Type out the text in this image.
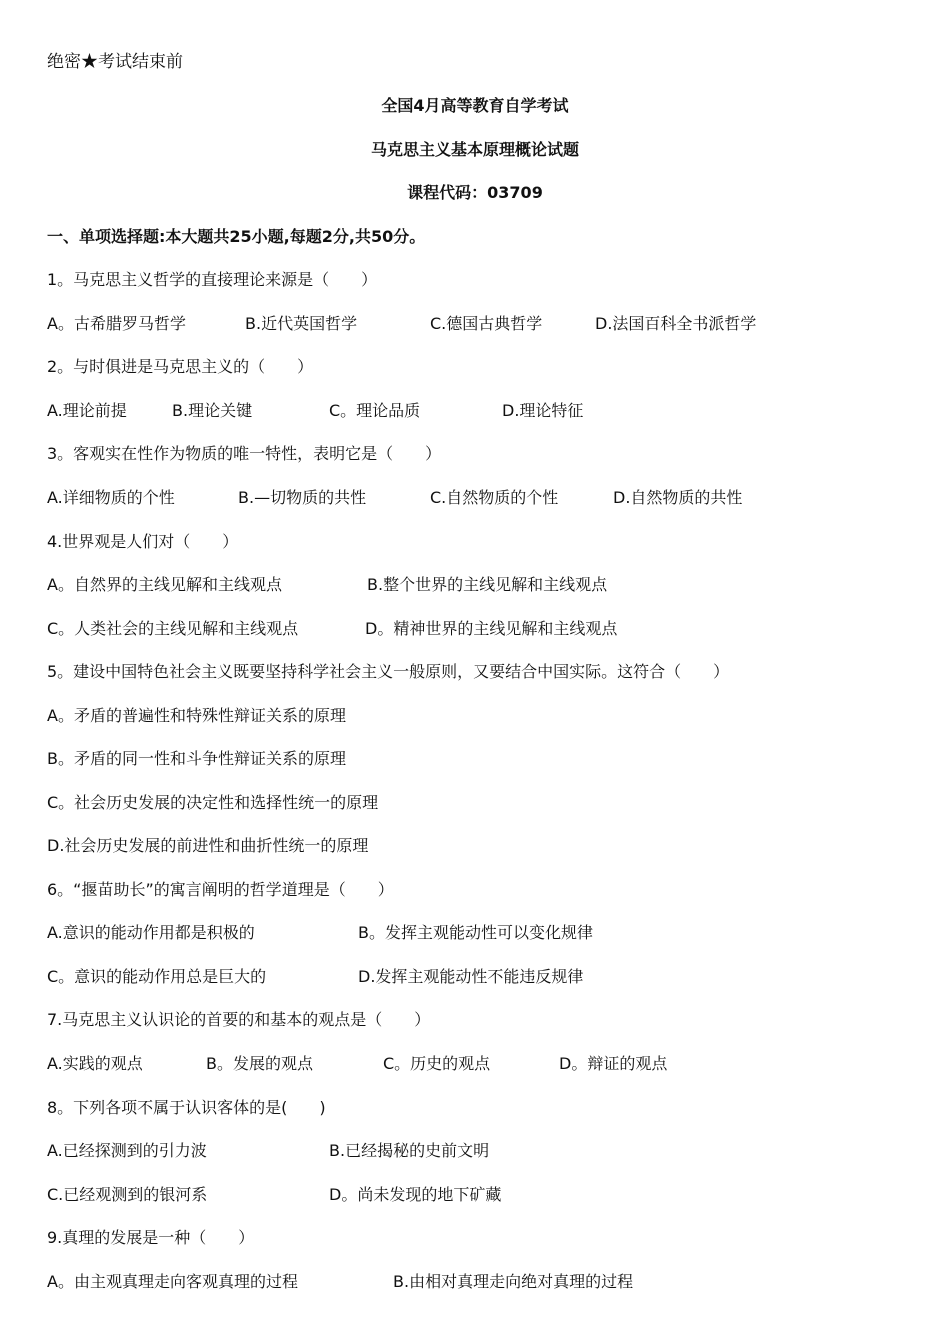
绝密★考试结束前
全国4月高等教育自学考试
马克思主义基本原理概论试题
课程代码：03709
一、单项选择题:本大题共25小题,每题2分,共50分。
1。马克思主义哲学的直接理论来源是（　　）
A。古希腊罗马哲学	B.近代英国哲学	C.德国古典哲学	D.法国百科全书派哲学
2。与时俱进是马克思主义的（　　）
A.理论前提	B.理论关键	C。理论品质	D.理论特征
3。客观实在性作为物质的唯一特性，表明它是（　　）
A.详细物质的个性	B.—切物质的共性	C.自然物质的个性	D.自然物质的共性
4.世界观是人们对（　　）
A。自然界的主线见解和主线观点	B.整个世界的主线见解和主线观点
C。人类社会的主线见解和主线观点	D。精神世界的主线见解和主线观点
5。建设中国特色社会主义既要坚持科学社会主义一般原则，又要结合中国实际。这符合（　　）
A。矛盾的普遍性和特殊性辩证关系的原理
B。矛盾的同一性和斗争性辩证关系的原理
C。社会历史发展的决定性和选择性统一的原理
D.社会历史发展的前进性和曲折性统一的原理
6。“揠苗助长”的寓言阐明的哲学道理是（　　）
A.意识的能动作用都是积极的	B。发挥主观能动性可以变化规律
C。意识的能动作用总是巨大的	D.发挥主观能动性不能违反规律
7.马克思主义认识论的首要的和基本的观点是（　　）
A.实践的观点	B。发展的观点	C。历史的观点	D。辩证的观点
8。下列各项不属于认识客体的是(　　)
A.已经探测到的引力波	B.已经揭秘的史前文明
C.已经观测到的银河系	D。尚未发现的地下矿藏
9.真理的发展是一种（　　）
A。由主观真理走向客观真理的过程	B.由相对真理走向绝对真理的过程
